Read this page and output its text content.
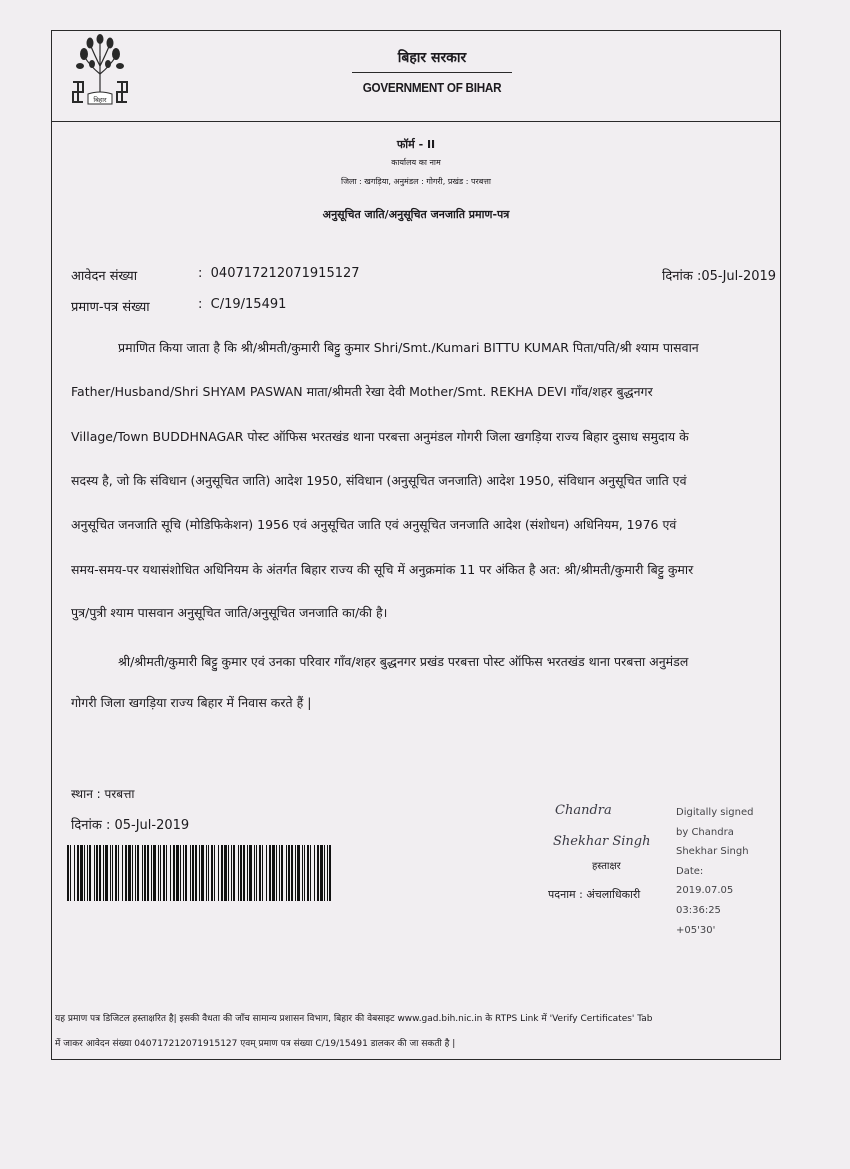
बिहार
बिहार सरकार
GOVERNMENT OF BIHAR
फॉर्म - II
कार्यालय का नाम
जिला : खगड़िया, अनुमंडल : गोगरी, प्रखंड : परबत्ता
अनुसूचित जाति/अनुसूचित जनजाति प्रमाण-पत्र
आवेदन संख्या	: 040717212071915127	दिनांक :05-Jul-2019
प्रमाण-पत्र संख्या	: C/19/15491
प्रमाणित किया जाता है कि श्री/श्रीमती/कुमारी बिट्टु कुमार Shri/Smt./Kumari BITTU KUMAR पिता/पति/श्री श्याम पासवान
Father/Husband/Shri SHYAM PASWAN माता/श्रीमती रेखा देवी Mother/Smt. REKHA DEVI गाँव/शहर बुद्धनगर
Village/Town BUDDHNAGAR पोस्ट ऑफिस भरतखंड थाना परबत्ता अनुमंडल गोगरी जिला खगड़िया राज्य बिहार दुसाध समुदाय के
सदस्य है, जो कि संविधान (अनुसूचित जाति) आदेश 1950, संविधान (अनुसूचित जनजाति) आदेश 1950, संविधान अनुसूचित जाति एवं
अनुसूचित जनजाति सूचि (मोडिफिकेशन) 1956 एवं अनुसूचित जाति एवं अनुसूचित जनजाति आदेश (संशोधन) अधिनियम, 1976 एवं
समय-समय-पर यथासंशोधित अधिनियम के अंतर्गत बिहार राज्य की सूचि में अनुक्रमांक 11 पर अंकित है अत: श्री/श्रीमती/कुमारी बिट्टु कुमार
पुत्र/पुत्री श्याम पासवान अनुसूचित जाति/अनुसूचित जनजाति का/की है।
श्री/श्रीमती/कुमारी बिट्टु कुमार एवं उनका परिवार गाँव/शहर बुद्धनगर प्रखंड परबत्ता पोस्ट ऑफिस भरतखंड थाना परबत्ता अनुमंडल
गोगरी जिला खगड़िया राज्य बिहार में निवास करते हैं |
स्थान : परबत्ता
दिनांक : 05-Jul-2019
Chandra
Shekhar Singh
हस्ताक्षर
पदनाम : अंचलाधिकारी
Digitally signed
by Chandra
Shekhar Singh
Date:
2019.07.05
03:36:25
+05'30'
यह प्रमाण पत्र डिजिटल हस्ताक्षरित है| इसकी वैधता की जाँच सामान्य प्रशासन विभाग, बिहार की वेबसाइट www.gad.bih.nic.in के RTPS Link में 'Verify Certificates' Tab
में जाकर आवेदन संख्या 040717212071915127 एवम् प्रमाण पत्र संख्या C/19/15491 डालकर की जा सकती है |
